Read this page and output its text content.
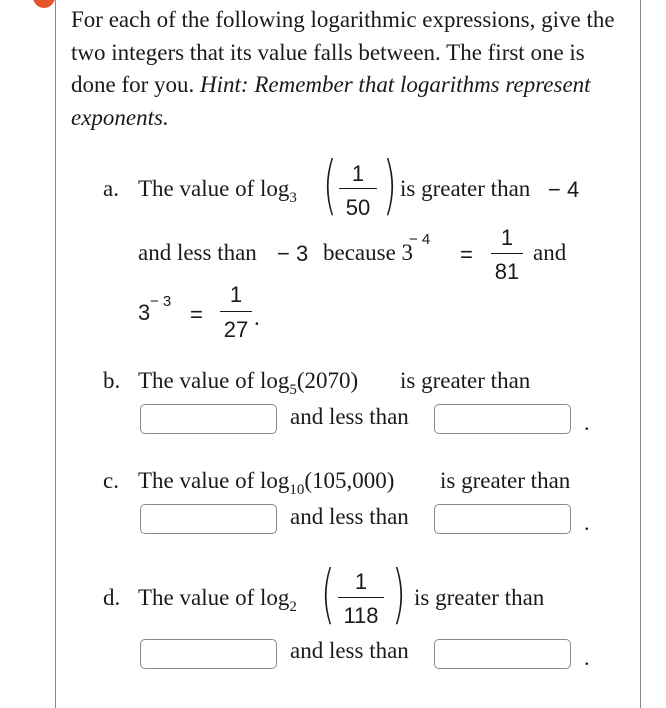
For each of the following logarithmic expressions, give the two integers that its value falls between. The first one is done for you. Hint: Remember that logarithms represent exponents.
a. The value of $\log_3$ ( 1
50 ) is greater than − 4
and less than − 3 because 3
− 4
=
1
81
and
3 − 3
=
1
27 .
b. The value of $\log_5(2070)$ is greater than
and less than	.
c. The value of $\log_{10}(105,000)$ is greater than
and less than	.
d. The value of $\log_2$ ( 1
118 ) is greater than
and less than	.
